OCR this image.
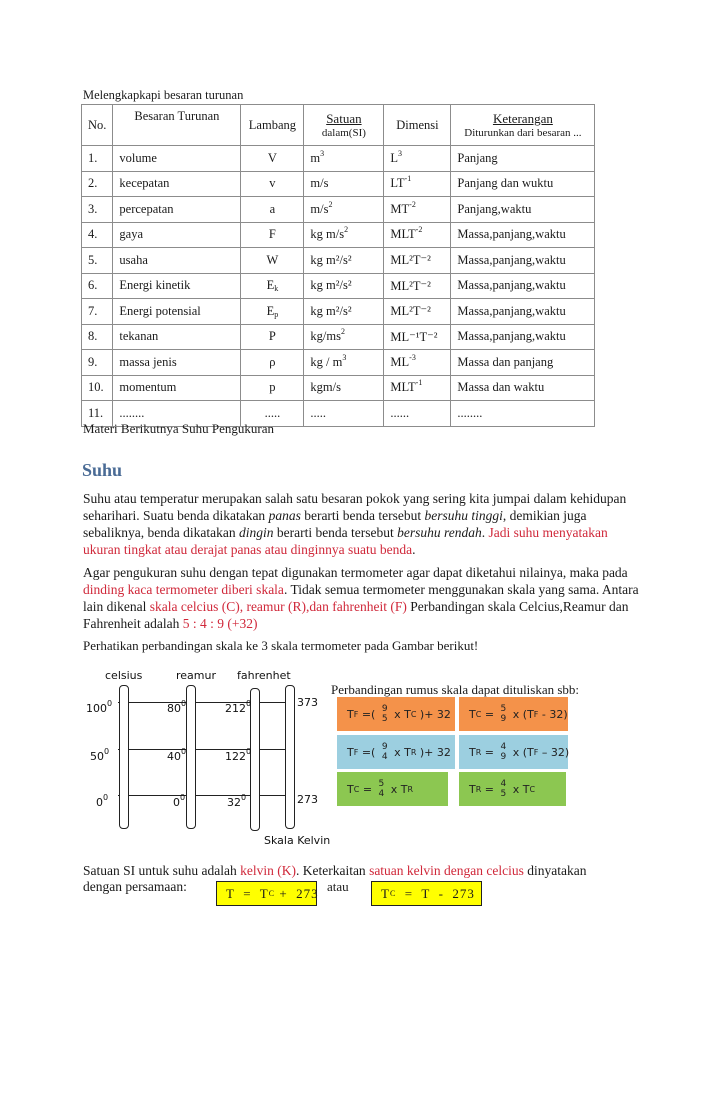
Melengkapkapi besaran turunan
No.	Besaran Turunan	Lambang	Satuan
dalam(SI)	Dimensi	Keterangan
Diturunkan dari besaran ...

1.	volume	V	$m^3$	$L^3$	Panjang
2.	kecepatan	v	m/s	$LT^{-1}$	Panjang dan wuktu
3.	percepatan	a	$m/s^2$	$MT^{-2}$	Panjang,waktu
4.	gaya	F	kg $m/s^2$	$MLT^{-2}$	Massa,panjang,waktu
5.	usaha	W	kg m²/s²	ML²T⁻²	Massa,panjang,waktu
6.	Energi kinetik	$E_k$	kg m²/s²	ML²T⁻²	Massa,panjang,waktu
7.	Energi potensial	$E_p$	kg m²/s²	ML²T⁻²	Massa,panjang,waktu
8.	tekanan	P	$kg/ms^2$	ML⁻¹T⁻²	Massa,panjang,waktu
9.	massa jenis	ρ	kg / $m^3$	$ML^{-3}$	Massa dan panjang
10.	momentum	p	kgm/s	$MLT^{-1}$	Massa dan waktu
11.	........	.....	.....	......	........
Materi Berikutnya Suhu Pengukuran
Suhu
Suhu atau temperatur merupakan salah satu besaran pokok yang sering kita jumpai dalam kehidupan seharihari. Suatu benda dikatakan panas berarti benda tersebut bersuhu tinggi, demikian juga sebaliknya, benda dikatakan dingin berarti benda tersebut bersuhu rendah. Jadi suhu menyatakan ukuran tingkat atau derajat panas atau dinginnya suatu benda.
Agar pengukuran suhu dengan tepat digunakan termometer agar dapat diketahui nilainya, maka pada dinding kaca termometer diberi skala. Tidak semua termometer menggunakan skala yang sama. Antara lain dikenal skala celcius (C), reamur (R),dan fahrenheit (F) Perbandingan skala Celcius,Reamur dan Fahrenheit adalah 5 : 4 : 9 (+32)
Perhatikan perbandingan skala ke 3 skala termometer pada Gambar berikut!
celsius	reamur fahrenhet
$100^0$
$50^0$
$0^0$
$80^0$
$40^0$
$0^0$
$212^0$
$122^0$
$32^0$
373
273
Skala Kelvin
Perbandingan rumus skala dapat dituliskan sbb:
T F =( 9
5 x T C )+ 32 T C = 5
9 x (T F - 32)
T F =( 9
4 x T R )+ 32 T R = 4
9 x (T F – 32)
T C = 5
4 x T R	T R = 4
5 x T C
Satuan SI untuk suhu adalah kelvin (K). Keterkaitan satuan kelvin dengan celcius dinyatakan
dengan persamaan:	T  =  T C +  273 atau T C =  T  -  273
